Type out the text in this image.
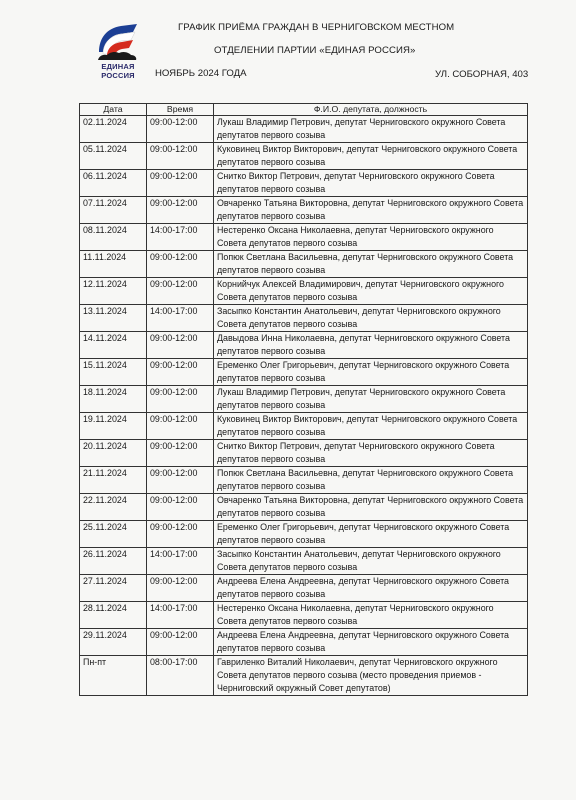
ЕДИНАЯ
РОССИЯ
ГРАФИК ПРИЁМА ГРАЖДАН В ЧЕРНИГОВСКОМ МЕСТНОМ
ОТДЕЛЕНИИ ПАРТИИ «ЕДИНАЯ РОССИЯ»
НОЯБРЬ 2024 ГОДА	УЛ. СОБОРНАЯ, 403
Дата	Время	Ф.И.О. депутата, должность
02.11.2024	09:00-12:00	Лукаш Владимир Петрович, депутат Черниговского окружного Совета депутатов первого созыва
05.11.2024	09:00-12:00	Куковинец Виктор Викторович, депутат Черниговского окружного Совета депутатов первого созыва
06.11.2024	09:00-12:00	Снитко Виктор Петрович, депутат Черниговского окружного Совета депутатов первого созыва
07.11.2024	09:00-12:00	Овчаренко Татьяна Викторовна, депутат Черниговского окружного Совета депутатов первого созыва
08.11.2024	14:00-17:00	Нестеренко Оксана Николаевна, депутат Черниговского окружного Совета депутатов первого созыва
11.11.2024	09:00-12:00	Попюк Светлана Васильевна, депутат Черниговского окружного Совета депутатов первого созыва
12.11.2024	09:00-12:00	Корнийчук Алексей Владимирович, депутат Черниговского окружного Совета депутатов первого созыва
13.11.2024	14:00-17:00	Засыпко Константин Анатольевич, депутат Черниговского окружного Совета депутатов первого созыва
14.11.2024	09:00-12:00	Давыдова Инна Николаевна, депутат Черниговского окружного Совета депутатов первого созыва
15.11.2024	09:00-12:00	Еременко Олег Григорьевич, депутат Черниговского окружного Совета депутатов первого созыва
18.11.2024	09:00-12:00	Лукаш Владимир Петрович, депутат Черниговского окружного Совета депутатов первого созыва
19.11.2024	09:00-12:00	Куковинец Виктор Викторович, депутат Черниговского окружного Совета депутатов первого созыва
20.11.2024	09:00-12:00	Снитко Виктор Петрович, депутат Черниговского окружного Совета депутатов первого созыва
21.11.2024	09:00-12:00	Попюк Светлана Васильевна, депутат Черниговского окружного Совета депутатов первого созыва
22.11.2024	09:00-12:00	Овчаренко Татьяна Викторовна, депутат Черниговского окружного Совета депутатов первого созыва
25.11.2024	09:00-12:00	Еременко Олег Григорьевич, депутат Черниговского окружного Совета депутатов первого созыва
26.11.2024	14:00-17:00	Засыпко Константин Анатольевич, депутат Черниговского окружного Совета депутатов первого созыва
27.11.2024	09:00-12:00	Андреева Елена Андреевна, депутат Черниговского окружного Совета депутатов первого созыва
28.11.2024	14:00-17:00	Нестеренко Оксана Николаевна, депутат Черниговского окружного Совета депутатов первого созыва
29.11.2024	09:00-12:00	Андреева Елена Андреевна, депутат Черниговского окружного Совета депутатов первого созыва
Пн-пт	08:00-17:00	Гавриленко Виталий Николаевич, депутат Черниговского окружного Совета депутатов первого созыва (место проведения приемов - Черниговский окружный Совет депутатов)
